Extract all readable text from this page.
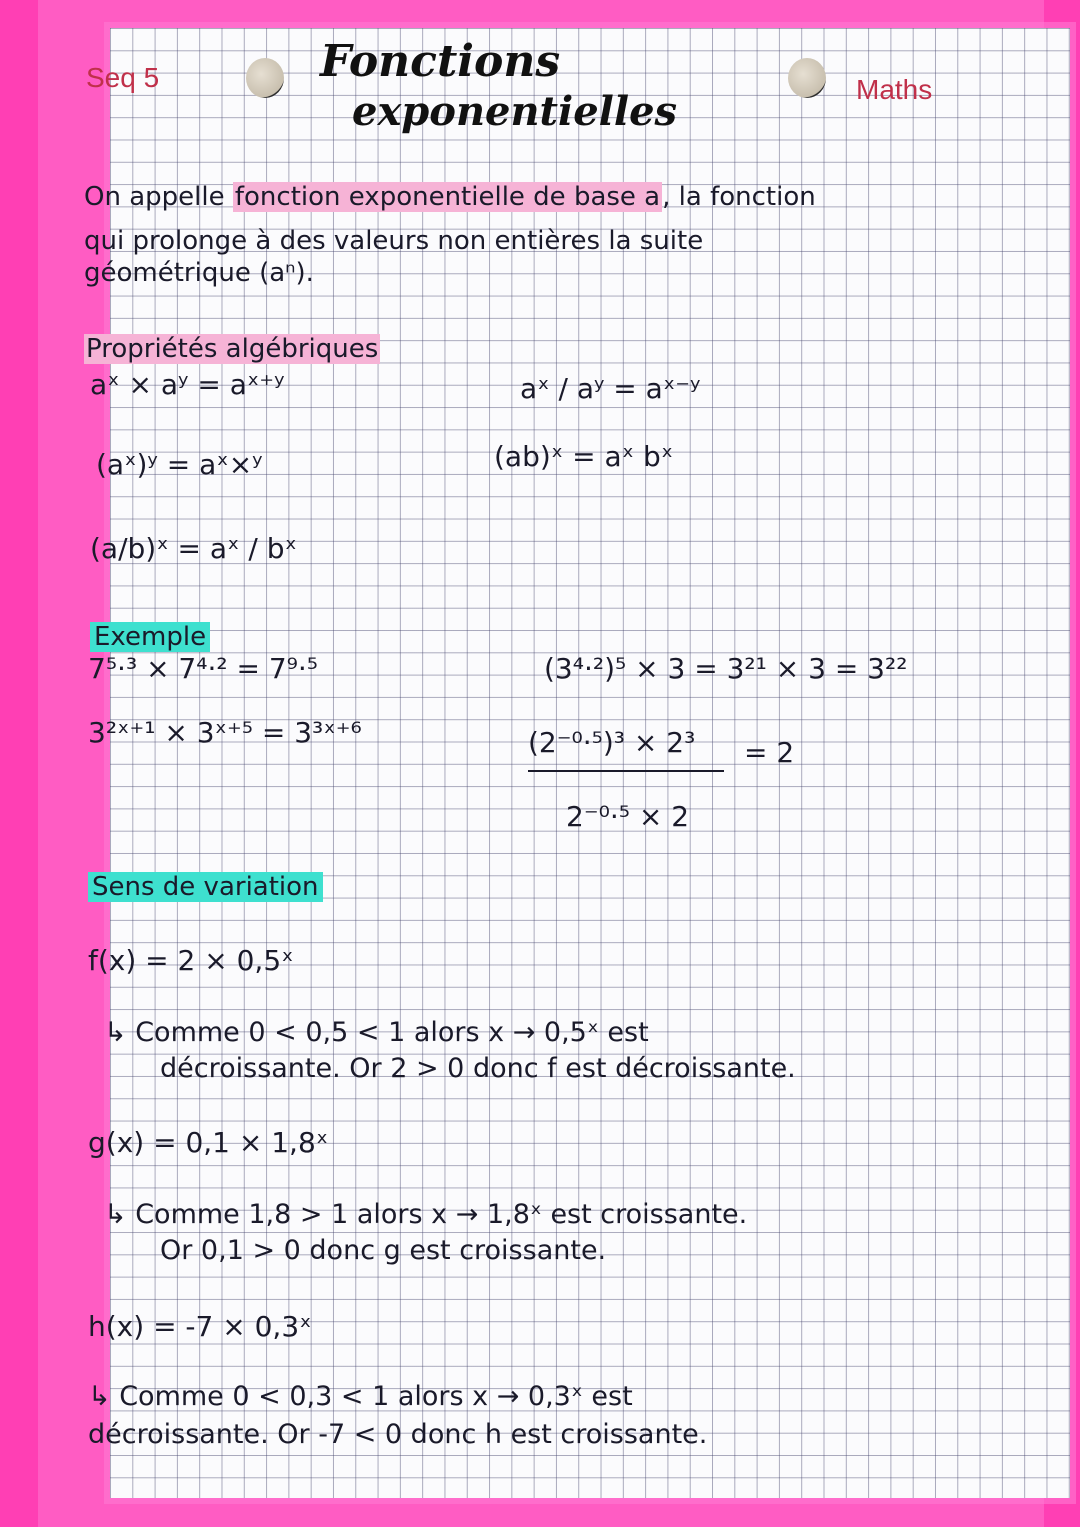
Seq 5	Fonctions
exponentielles	Maths
On appelle fonction exponentielle de base a, la fonction
qui prolonge à des valeurs non entières la suite
géométrique (aⁿ).
Propriétés algébriques
aˣ × aʸ = aˣ⁺ʸ
(aˣ)ʸ = aˣ×ʸ
(a/b)ˣ = aˣ / bˣ
aˣ / aʸ = aˣ⁻ʸ
(ab)ˣ = aˣ bˣ
Exemple
7⁵·³ × 7⁴·² = 7⁹·⁵
3²ˣ⁺¹ × 3ˣ⁺⁵ = 3³ˣ⁺⁶
(3⁴·²)⁵ × 3 = 3²¹ × 3 = 3²²
(2⁻⁰·⁵)³ × 2³ = 2
2⁻⁰·⁵ × 2
Sens de variation
f(x) = 2 × 0,5ˣ
↳ Comme 0 < 0,5 < 1 alors x → 0,5ˣ est
décroissante. Or 2 > 0 donc f est décroissante.
g(x) = 0,1 × 1,8ˣ
↳ Comme 1,8 > 1 alors x → 1,8ˣ est croissante.
Or 0,1 > 0 donc g est croissante.
h(x) = -7 × 0,3ˣ
↳ Comme 0 < 0,3 < 1 alors x → 0,3ˣ est
décroissante. Or -7 < 0 donc h est croissante.
